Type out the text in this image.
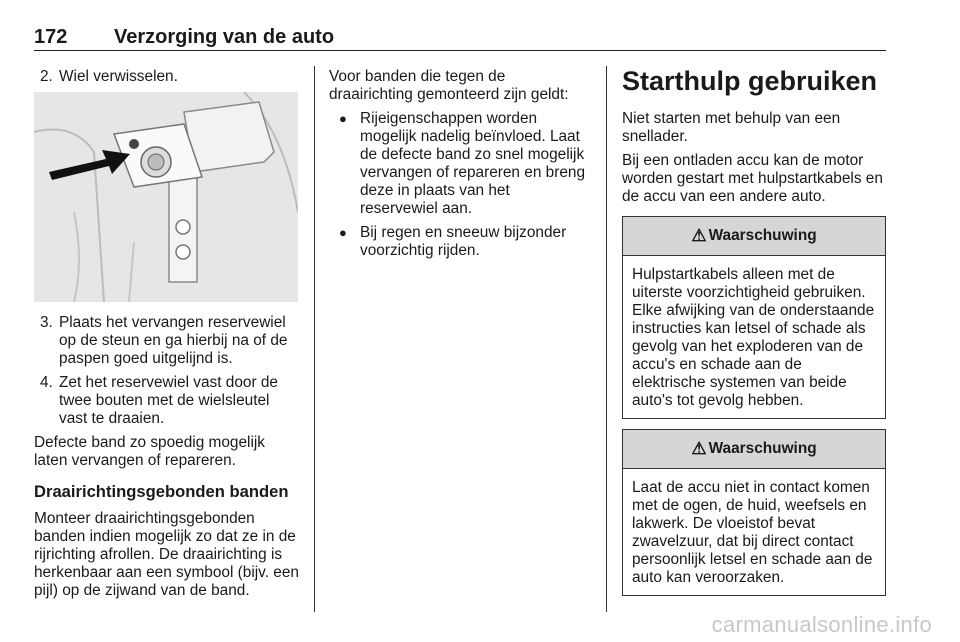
172 Verzorging van de auto
2. Wiel verwisselen.
3. Plaats het vervangen reservewiel op de steun en ga hierbij na of de paspen goed uitgelijnd is.
4. Zet het reservewiel vast door de twee bouten met de wielsleutel vast te draaien.

Defecte band zo spoedig mogelijk laten vervangen of repareren.

Draairichtingsgebonden banden

Monteer draairichtingsgebonden banden indien mogelijk zo dat ze in de rijrichting afrollen. De draairichting is herkenbaar aan een symbool (bijv. een pijl) op de zijwand van de band.

Voor banden die tegen de draairichting gemonteerd zijn geldt:

● Rijeigenschappen worden mogelijk nadelig beïnvloed. Laat de defecte band zo snel mogelijk vervangen of repareren en breng deze in plaats van het reservewiel aan.
● Bij regen en sneeuw bijzonder voorzichtig rijden.
Starthulp gebruiken

Niet starten met behulp van een snellader.

Bij een ontladen accu kan de motor worden gestart met hulpstartkabels en de accu van een andere auto.

⚠ Waarschuwing
Hulpstartkabels alleen met de uiterste voorzichtigheid gebruiken. Elke afwijking van de onderstaande instructies kan letsel of schade als gevolg van het exploderen van de accu's en schade aan de elektrische systemen van beide auto's tot gevolg hebben.
⚠ Waarschuwing
Laat de accu niet in contact komen met de ogen, de huid, weefsels en lakwerk. De vloeistof bevat zwavelzuur, dat bij direct contact persoonlijk letsel en schade aan de auto kan veroorzaken.
carmanualsonline.info
